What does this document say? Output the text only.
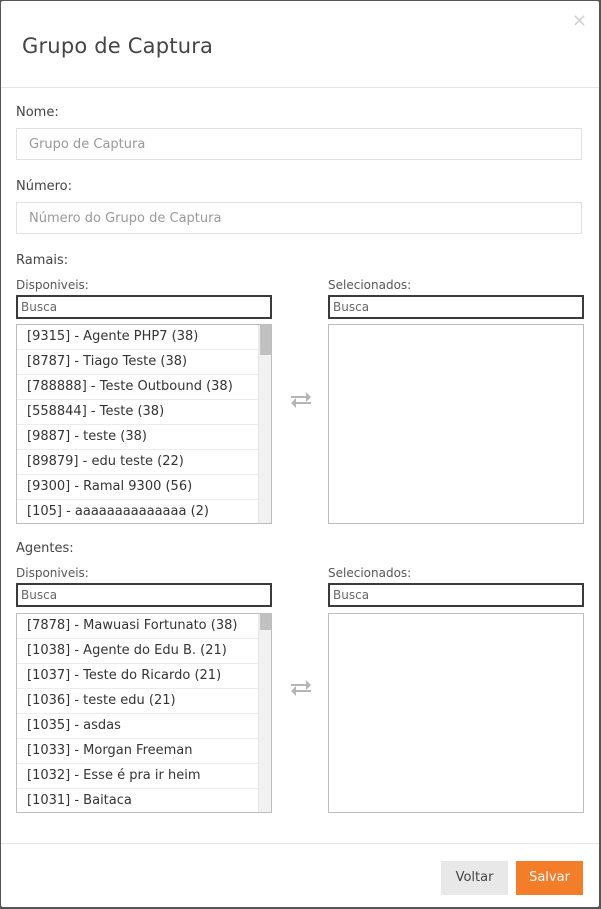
Grupo de Captura
×
Nome:
Grupo de Captura
Número:
Número do Grupo de Captura
Ramais:
Disponiveis:	Selecionados:
Busca
Busca
[9315] - Agente PHP7 (38)
[8787] - Tiago Teste (38)
[788888] - Teste Outbound (38)
[558844] - Teste (38)
[9887] - teste (38)
[89879] - edu teste (22)
[9300] - Ramal 9300 (56)
[105] - aaaaaaaaaaaaaa (2)
Agentes:
Disponiveis:	Selecionados:
Busca
Busca
[7878] - Mawuasi Fortunato (38)
[1038] - Agente do Edu B. (21)
[1037] - Teste do Ricardo (21)
[1036] - teste edu (21)
[1035] - asdas
[1033] - Morgan Freeman
[1032] - Esse é pra ir heim
[1031] - Baitaca
Voltar	Salvar
